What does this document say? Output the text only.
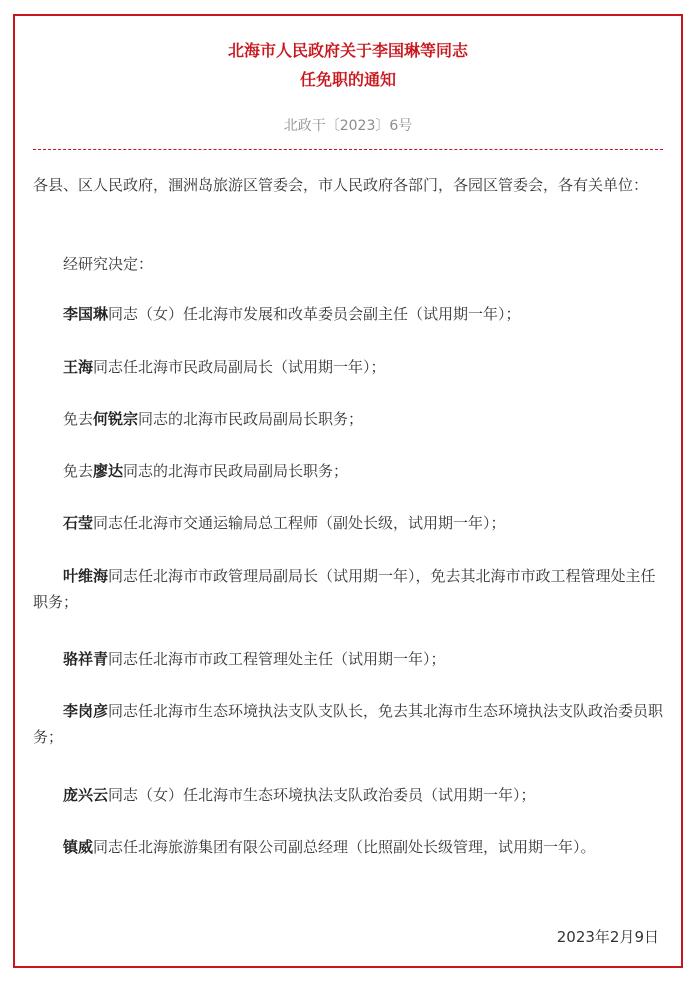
北海市人民政府关于李国琳等同志
任免职的通知
北政干〔2023〕6号

各县、区人民政府，涠洲岛旅游区管委会，市人民政府各部门，各园区管委会，各有关单位：

经研究决定：

李国琳同志（女）任北海市发展和改革委员会副主任（试用期一年）；

王海同志任北海市民政局副局长（试用期一年）；

免去何锐宗同志的北海市民政局副局长职务；

免去廖达同志的北海市民政局副局长职务；

石莹同志任北海市交通运输局总工程师（副处长级，试用期一年）；

叶维海同志任北海市市政管理局副局长（试用期一年），免去其北海市市政工程管理处主任职务；

骆祥青同志任北海市市政工程管理处主任（试用期一年）；

李岗彦同志任北海市生态环境执法支队支队长，免去其北海市生态环境执法支队政治委员职务；

庞兴云同志（女）任北海市生态环境执法支队政治委员（试用期一年）；

镇威同志任北海旅游集团有限公司副总经理（比照副处长级管理，试用期一年）。

2023年2月9日
